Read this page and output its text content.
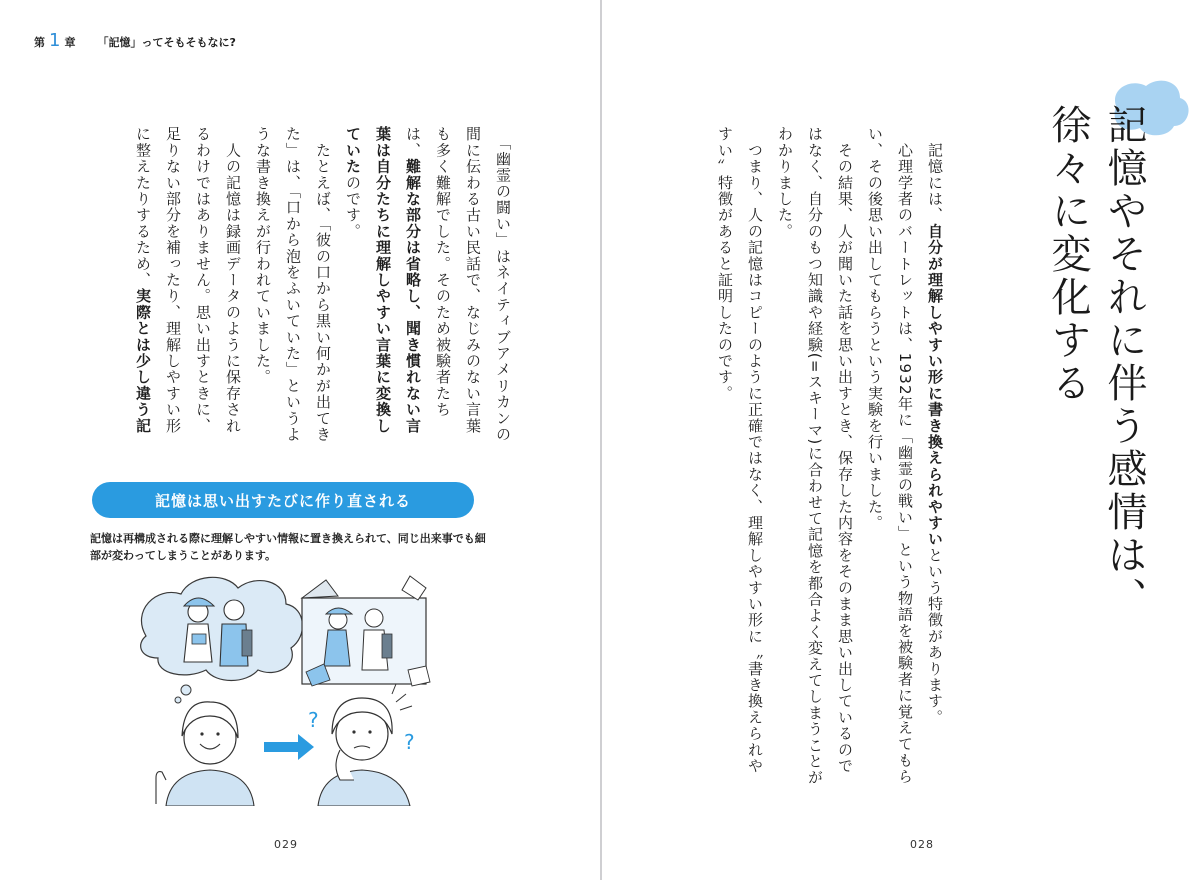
第 1 章 「記憶」ってそもそもなに?

　「幽霊の闘い」はネイティブアメリカンの間に伝わる古い民話で、なじみのない言葉も多く難解でした。そのため被験者たちは、難解な部分は省略し、聞き慣れない言葉は自分たちに理解しやすい言葉に変換していたのです。

　たとえば、「彼の口から黒い何かが出てきた」は、「口から泡をふいていた」というような書き換えが行われていました。

　人の記憶は録画データのように保存されるわけではありません。思い出すときに、足りない部分を補ったり、理解しやすい形に整えたりするため、実際とは少し違う記

記憶は思い出すたびに作り直される
記憶は再構成される際に理解しやすい情報に置き換えられて、同じ出来事でも細部が変わってしまうことがあります。
?
?
029
記憶やそれに伴う感情は、徐々に変化する

　記憶には、自分が理解しやすい形に書き換えられやすいという特徴があります。

　心理学者のバートレットは、1932年に「幽霊の戦い」という物語を被験者に覚えてもらい、その後思い出してもらうという実験を行いました。

　その結果、人が聞いた話を思い出すとき、保存した内容をそのまま思い出しているのではなく、自分のもつ知識や経験(=スキーマ)に合わせて記憶を都合よく変えてしまうことがわかりました。

　つまり、人の記憶はコピーのように正確ではなく、理解しやすい形に〝書き換えられやすい〟特徴があると証明したのです。

028
